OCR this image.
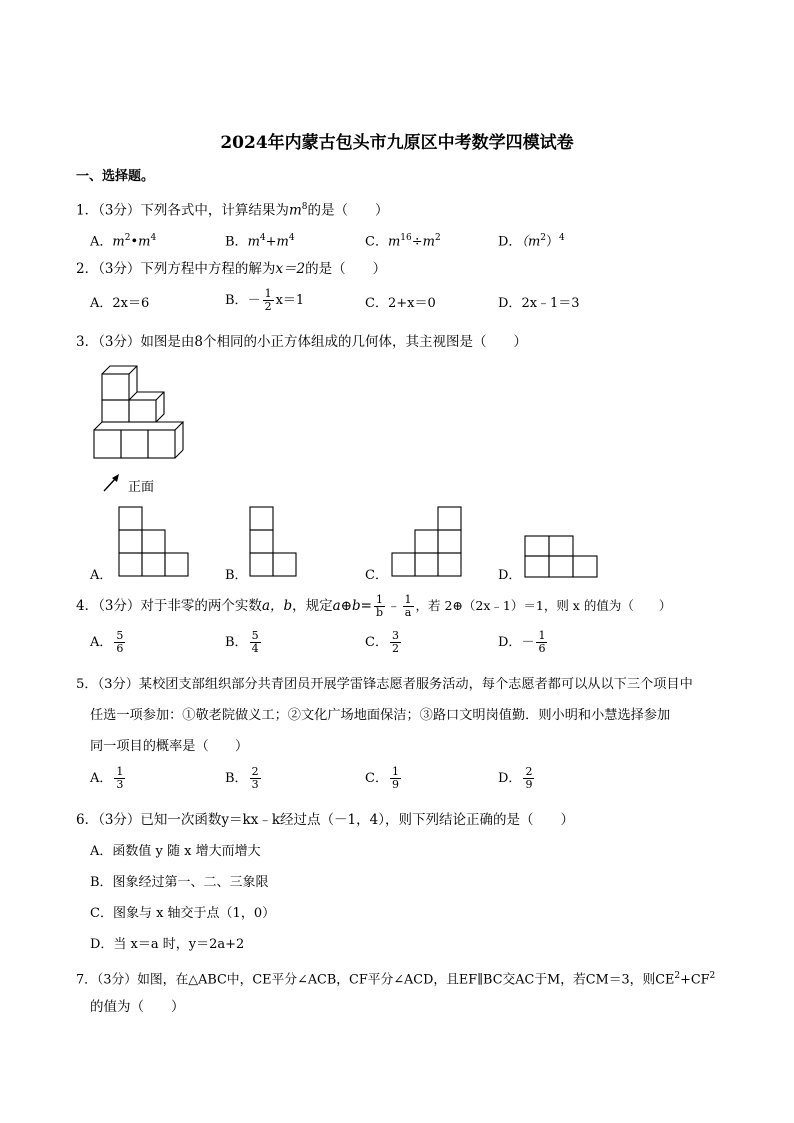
2024年内蒙古包头市九原区中考数学四模试卷
一、选择题。
1．（3分）下列各式中，计算结果为$m^8$的是（　　）
A．$m^2•m^4$	B．$m^4+m^4$	C．$m^{16}\div m^2$	D．$(m^2)^4$
2．（3分）下列方程中方程的解为x＝2的是（　　）
A．2x＝6	B．－ $\frac{1}{2} x=1$	C．2+x＝0	D．2x﹣1＝3
3．（3分）如图是由8个相同的小正方体组成的几何体，其主视图是（　　）
正面
A．	B．	C．	D．
4．（3分）对于非零的两个实数a，b，规定a⊕b= $\frac{1}{b}$ ﹣ $\frac{1}{a}$ ，若 2⊕（2x﹣1）＝1，则 x 的值为（　　）
A． $\frac{5}{6}$	B． $\frac{5}{4}$	C． $\frac{3}{2}$	D．－ $\frac{1}{6}$
5．（3分）某校团支部组织部分共青团员开展学雷锋志愿者服务活动，每个志愿者都可以从以下三个项目中
任选一项参加：①敬老院做义工；②文化广场地面保洁；③路口文明岗值勤．则小明和小慧选择参加
同一项目的概率是（　　）
A． $\frac{1}{3}$	B． $\frac{2}{3}$	C． $\frac{1}{9}$	D． $\frac{2}{9}$
6．（3分）已知一次函数y＝kx﹣k经过点（－1，4），则下列结论正确的是（　　）
A．函数值 y 随 x 增大而增大
B．图象经过第一、二、三象限
C．图象与 x 轴交于点（1，0）
D．当 x＝a 时，y＝2a+2
7．（3分）如图，在△ABC中，CE平分∠ACB，CF平分∠ACD，且EF∥BC交AC于M，若CM＝3，则$CE^2+CF^2$
的值为（　　）
